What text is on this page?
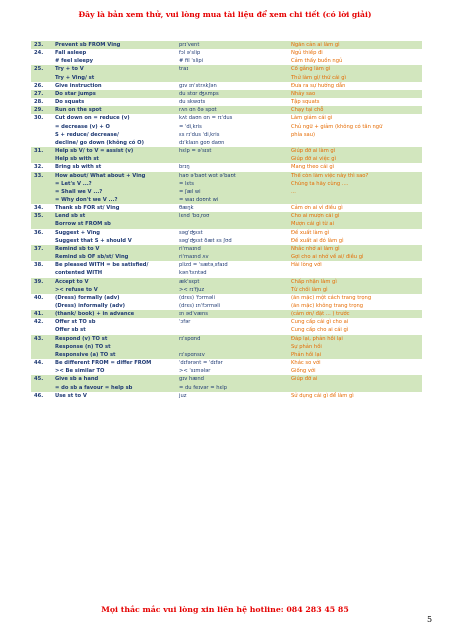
Đây là bản xem thử, vui lòng mua tài liệu để xem chi tiết (có lời giải)
23.	Prevent sb FROM Ving	prɪˈvent	Ngăn cản ai làm gì
24.	Fall asleep	fɔl əˈslip	Ngủ thiếp đi
	# feel sleepy	# fil ˈslipi	Cảm thấy buồn ngủ
25.	Try + to V	traɪ	Cố gắng làm gì
	Try + Ving/ st		Thử làm gì/ thứ cái gì
26.	Give instruction	gɪv ɪnˈstrʌkʃən	Đưa ra sự hướng dẫn
27.	Do star jumps	du stɑr ʤʌmps	Nhảy sao
28.	Do squats	du skwɑts	Tập squats
29.	Run on the spot	rʌn ɑn ðə spɑt	Chạy tại chỗ
30.	Cut down on = reduce (v)	kʌt daʊn ɑn = rɪˈdus	Làm giảm cái gì
	= decrease (v) + O	= ˈdiˌkris	Chủ ngữ + giảm (không có tân ngữ
	S + reduce/ decrease/	ɛs rɪˈdus ˈdiˌkris	phía sau)
	decline/ go down (không có O)	dɪˈklaɪn goʊ daʊn	
31.	Help sb V/ to V = assist (v)	hɛlp = əˈsɪst	Giúp đỡ ai làm gì
	Help sb with st		Giúp đỡ ai việc gì
32.	Bring sb with st	brɪŋ	Mang theo cái gì
33.	How about/ What about + Ving	haʊ əˈbaʊt wɑt əˈbaʊt	Thế còn làm việc này thì sao?
	= Let's V ...?	= lɛts	Chúng ta hãy cùng ....
	= Shall we V ...?	= ʃæl wi	...
	= Why don't we V ...?	= waɪ doʊnt wi	
34.	Thank sb FOR st/ Ving	θæŋk	Cảm ơn ai vì điều gì
35.	Lend sb st	lɛnd ˈbɑˌroʊ	Cho ai mượn cái gì
	Borrow st FROM sb		Mượn cái gì từ ai
36.	Suggest + Ving	səgˈʤɛst	Đề xuất làm gì
	Suggest that S + should V	səgˈʤɛst ðæt ɛs ʃʊd	Đề xuất ai đó làm gì
37.	Remind sb to V	riˈmaɪnd	Nhắc nhở ai làm gì
	Remind sb OF sb/st/ Ving	riˈmaɪnd ʌv	Gợi cho ai nhớ về ai/ điều gì
38.	Be pleased WITH = be satisfied/	plizd = ˈsætəˌsfaɪd	Hài lòng với
	contented WITH	kənˈtɛntəd	
39.	Accept to V	ækˈsɛpt	Chấp nhận làm gì
	>< refuse to V	>< rɪˈfjuz	Từ chối làm gì
40.	(Dress) formally (adv)	(drɛs) ˈfɔrməli	(ăn mặc) một cách trang trọng
	(Dress) informally (adv)	(drɛs) ɪnˈfɔrməli	(ăn mặc) không trang trọng
41.	(thank/ book) + in advance	ɪn ədˈvæns	(cảm ơn/ đặt ... ) trước
42.	Offer st TO sb	ˈɔfər	Cung cấp cái gì cho ai
	Offer sb st		Cung cấp cho ai cái gì
43.	Respond (v) TO st	rɪˈspɑnd	Đáp lại, phản hồi lại
	Response (n) TO st		Sự phản hồi
	Responsive (a) TO st	rɪˈspɑnsɪv	Phản hồi lại
44.	Be different FROM = differ FROM	ˈdɪfərənt = ˈdɪfər	Khác so với
	>< Be similar TO	>< ˈsɪmələr	Giống với
45.	Give sb a hand	gɪv hænd	Giúp đỡ ai
	= do sb a favour = help sb	= du feɪvər = hɛlp	
46.	Use st to V	juz	Sử dụng cái gì để làm gì
Mọi thắc mắc vui lòng xin liên hệ hotline: 084 283 45 85
5
